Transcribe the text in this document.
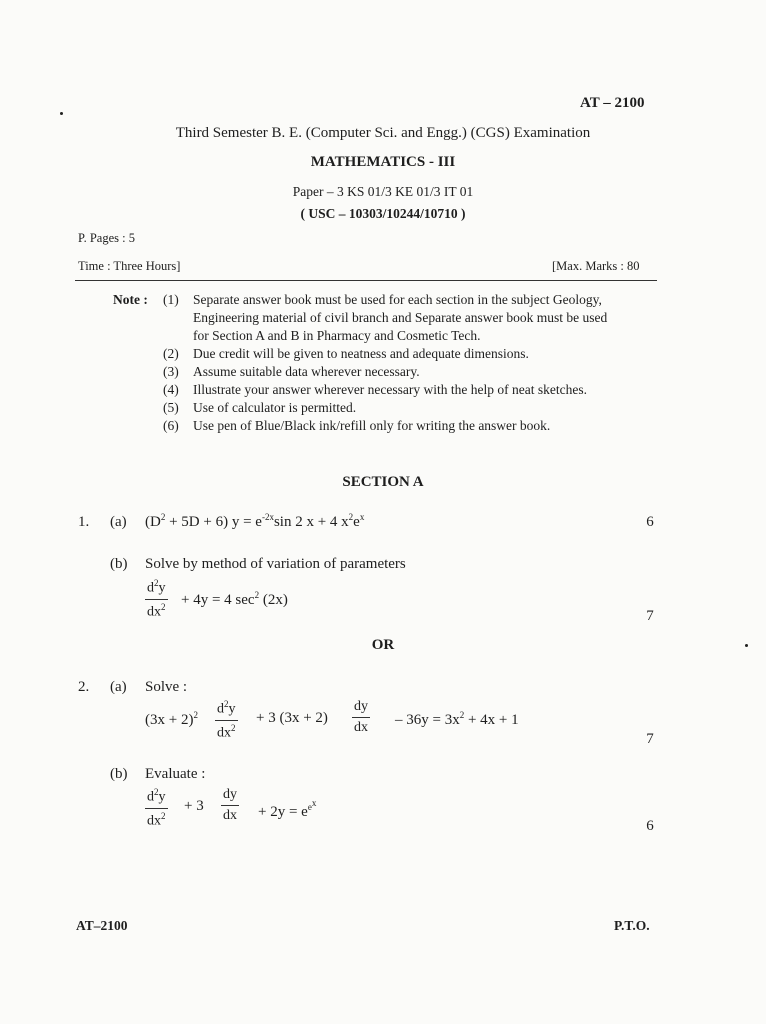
AT – 2100
Third Semester B. E. (Computer Sci. and Engg.) (CGS) Examination
MATHEMATICS - III
Paper – 3 KS 01/3 KE 01/3 IT 01
( USC – 10303/10244/10710 )
P. Pages : 5
Time : Three Hours]	[Max. Marks : 80
Note : (1) Separate answer book must be used for each section in the subject Geology,
Engineering material of civil branch and Separate answer book must be used
for Section A and B in Pharmacy and Cosmetic Tech.
(2) Due credit will be given to neatness and adequate dimensions.
(3) Assume suitable data wherever necessary.
(4) Illustrate your answer wherever necessary with the help of neat sketches.
(5) Use of calculator is permitted.
(6) Use pen of Blue/Black ink/refill only for writing the answer book.
SECTION A
1. (a) $(D^2 + 5D + 6) y = e^{-2x}\sin$ 2 x + 4 $x^2e^x$	6
(b) Solve by method of variation of parameters
$\frac{d^2y}{dx^2} + 4y = 4$ $\sec^2 (2x)$
7
OR
2. (a) Solve :
$(3x + 2)^2 \frac{d^2y}{dx^2} + 3$ $(3x + 2) \frac{dy}{dx} - 36y = 3x^2 + 4x + 1$
7
(b) Evaluate :
$\frac{d^2y}{dx^2} + 3 \frac{dy}{dx} + 2y = e^{e^x}$
6
AT–2100	P.T.O.
